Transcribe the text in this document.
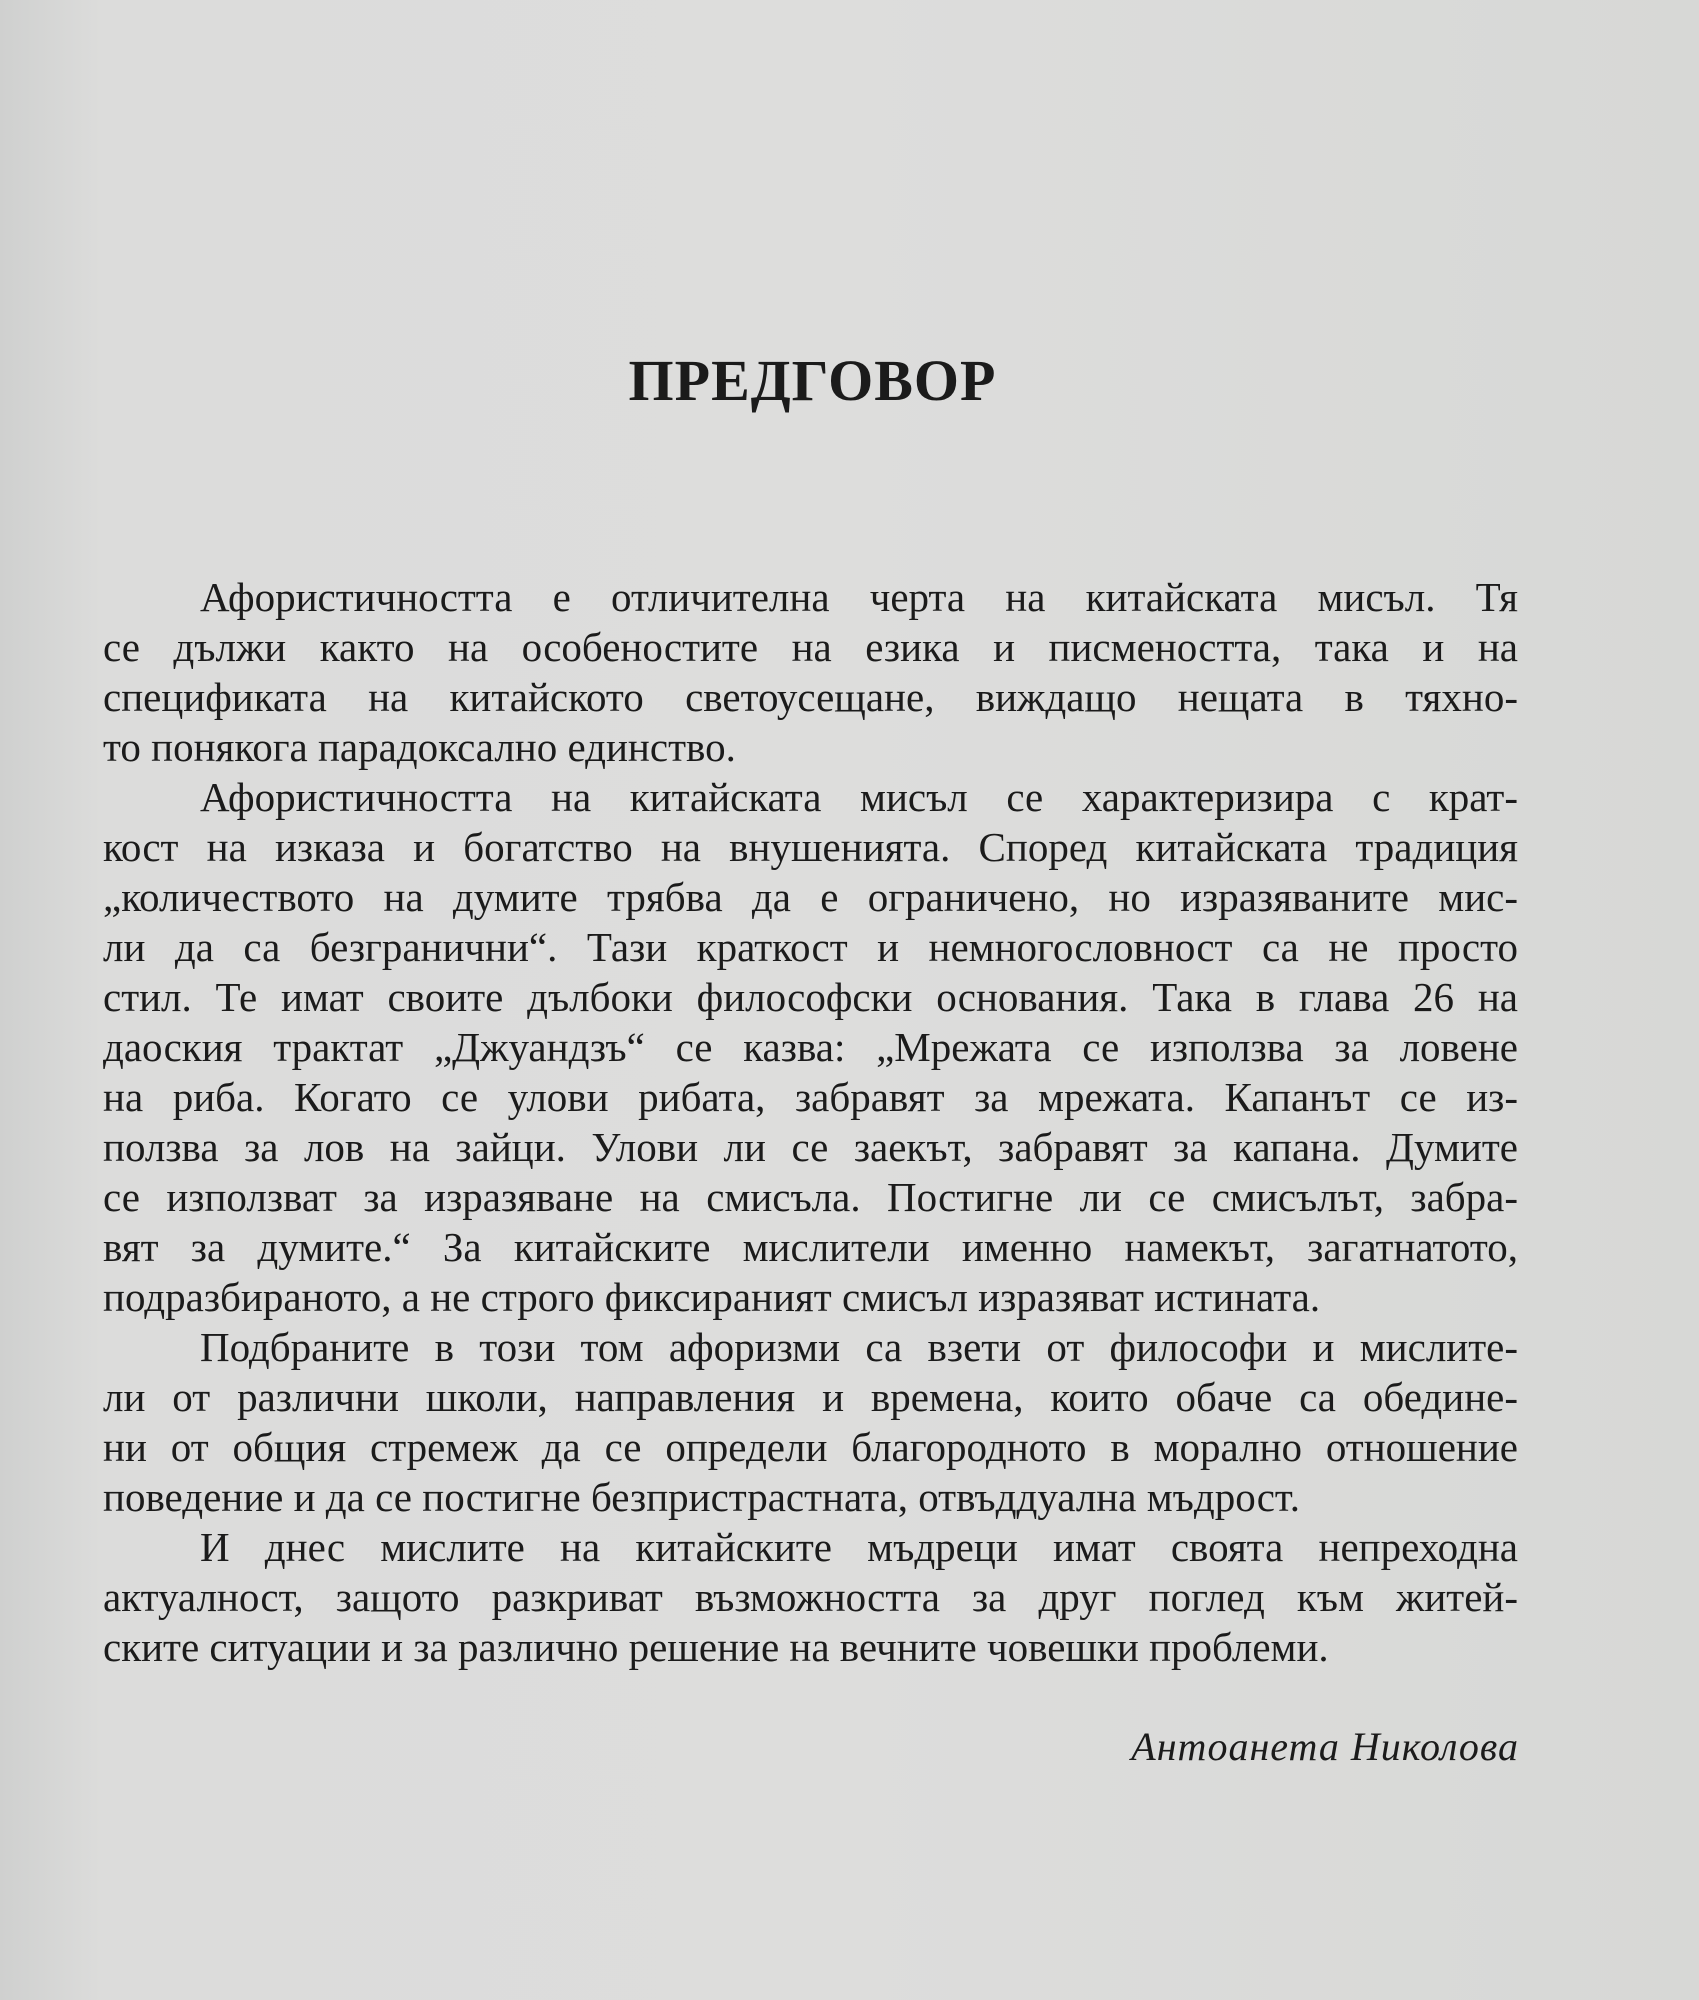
ПРЕДГОВОР

Афористичността е отличителна черта на китайската мисъл. Тя
се дължи както на особеностите на езика и писмеността, така и на
спецификата на китайското светоусещане, виждащо нещата в тяхно-
то понякога парадоксално единство.

Афористичността на китайската мисъл се характеризира с крат-
кост на изказа и богатство на внушенията. Според китайската традиция
„количеството на думите трябва да е ограничено, но изразяваните мис-
ли да са безгранични“. Тази краткост и немногословност са не просто
стил. Те имат своите дълбоки философски основания. Така в глава 26 на
даоския трактат „Джуандзъ“ се казва: „Мрежата се използва за ловене
на риба. Когато се улови рибата, забравят за мрежата. Капанът се из-
ползва за лов на зайци. Улови ли се заекът, забравят за капана. Думите
се използват за изразяване на смисъла. Постигне ли се смисълът, забра-
вят за думите.“ За китайските мислители именно намекът, загатнатото,
подразбираното, а не строго фиксираният смисъл изразяват истината.

Подбраните в този том афоризми са взети от философи и мислите-
ли от различни школи, направления и времена, които обаче са обедине-
ни от общия стремеж да се определи благородното в морално отношение
поведение и да се постигне безпристрастната, отвъддуална мъдрост.

И днес мислите на китайските мъдреци имат своята непреходна
актуалност, защото разкриват възможността за друг поглед към житей-
ските ситуации и за различно решение на вечните човешки проблеми.

Антоанета Николова
